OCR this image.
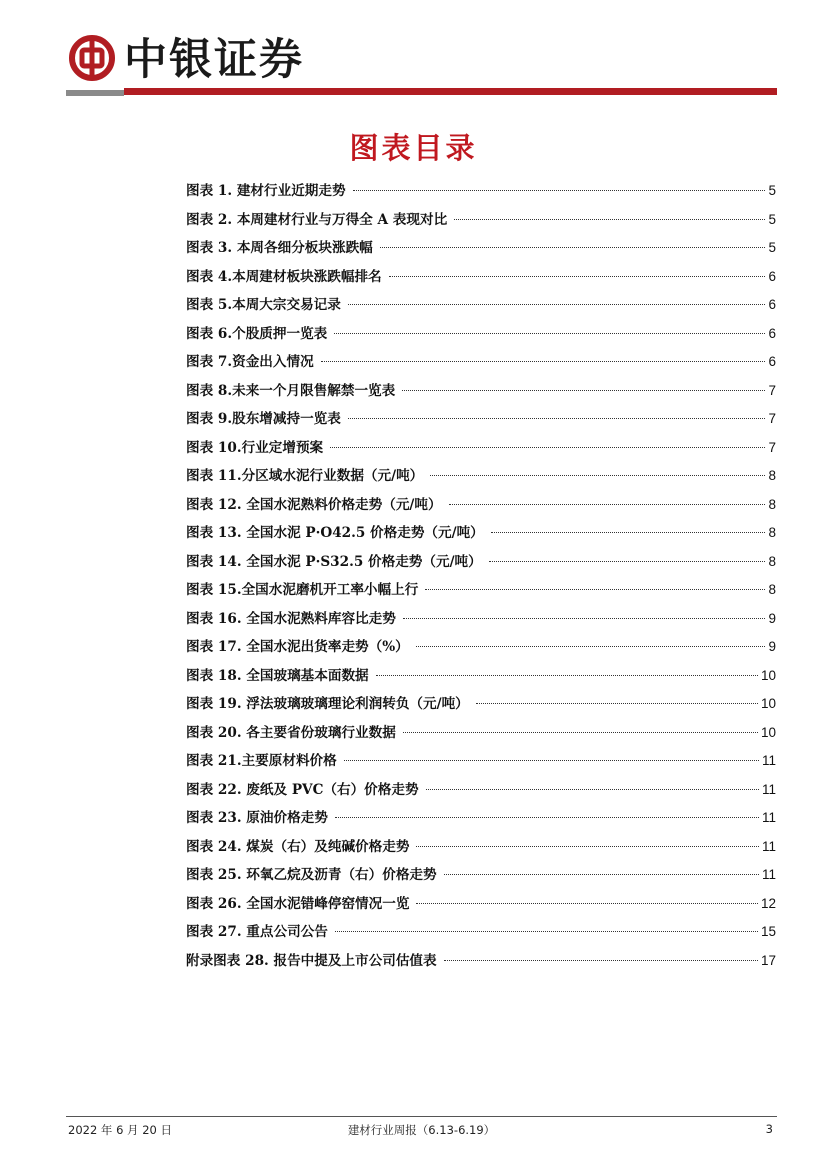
中银证券
图表目录
图表 1. 建材行业近期走势	5
图表 2. 本周建材行业与万得全 A 表现对比	5
图表 3. 本周各细分板块涨跌幅	5
图表 4.本周建材板块涨跌幅排名	6
图表 5.本周大宗交易记录	6
图表 6.个股质押一览表	6
图表 7.资金出入情况	6
图表 8.未来一个月限售解禁一览表	7
图表 9.股东增减持一览表	7
图表 10.行业定增预案	7
图表 11.分区域水泥行业数据（元/吨）	8
图表 12. 全国水泥熟料价格走势（元/吨）	8
图表 13. 全国水泥 P·O42.5 价格走势（元/吨）	8
图表 14. 全国水泥 P·S32.5 价格走势（元/吨）	8
图表 15.全国水泥磨机开工率小幅上行	8
图表 16. 全国水泥熟料库容比走势	9
图表 17. 全国水泥出货率走势（%）	9
图表 18. 全国玻璃基本面数据	10
图表 19. 浮法玻璃玻璃理论利润转负（元/吨）	10
图表 20. 各主要省份玻璃行业数据	10
图表 21.主要原材料价格	11
图表 22. 废纸及 PVC（右）价格走势	11
图表 23. 原油价格走势	11
图表 24. 煤炭（右）及纯碱价格走势	11
图表 25. 环氧乙烷及沥青（右）价格走势	11
图表 26. 全国水泥错峰停窑情况一览	12
图表 27. 重点公司公告	15
附录图表 28. 报告中提及上市公司估值表	17
建材行业周报（6.13-6.19）
2022 年 6 月 20 日	3
